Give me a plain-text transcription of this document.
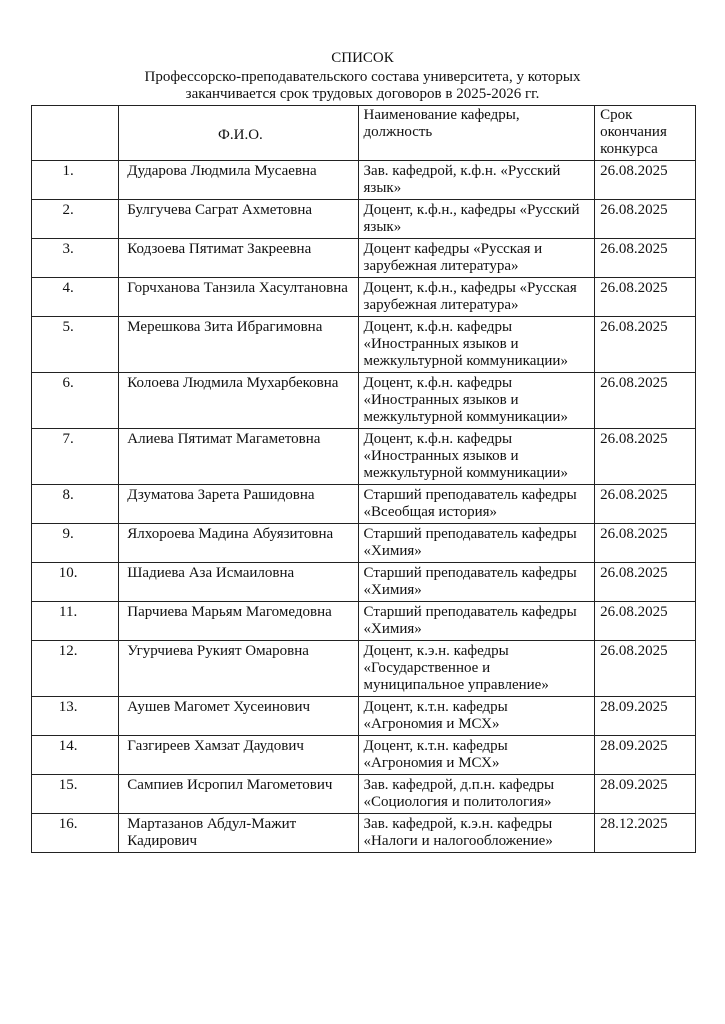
СПИСОК
Профессорско-преподавательского состава университета, у которых
заканчивается срок трудовых договоров в 2025-2026 гг.
	Ф.И.О.	Наименование кафедры, должность	Срок окончания конкурса
1.	Дударова Людмила Мусаевна	Зав. кафедрой, к.ф.н. «Русский язык»	26.08.2025
2.	Булгучева Саграт Ахметовна	Доцент, к.ф.н., кафедры «Русский язык»	26.08.2025
3.	Кодзоева Пятимат Закреевна	Доцент кафедры «Русская и зарубежная литература»	26.08.2025
4.	Горчханова Танзила Хасултановна	Доцент, к.ф.н., кафедры «Русская зарубежная литература»	26.08.2025
5.	Мерешкова Зита Ибрагимовна	Доцент, к.ф.н. кафедры «Иностранных языков и межкультурной коммуникации»	26.08.2025
6.	Колоева Людмила Мухарбековна	Доцент, к.ф.н. кафедры «Иностранных языков и межкультурной коммуникации»	26.08.2025
7.	Алиева Пятимат Магаметовна	Доцент, к.ф.н. кафедры «Иностранных языков и межкультурной коммуникации»	26.08.2025
8.	Дзуматова Зарета Рашидовна	Старший преподаватель кафедры «Всеобщая история»	26.08.2025
9.	Ялхороева Мадина Абуязитовна	Старший преподаватель кафедры «Химия»	26.08.2025
10.	Шадиева Аза Исмаиловна	Старший преподаватель кафедры «Химия»	26.08.2025
11.	Парчиева Марьям Магомедовна	Старший преподаватель кафедры «Химия»	26.08.2025
12.	Угурчиева Рукият Омаровна	Доцент, к.э.н. кафедры «Государственное и муниципальное управление»	26.08.2025
13.	Аушев Магомет Хусеинович	Доцент, к.т.н. кафедры «Агрономия и МСХ»	28.09.2025
14.	Газгиреев Хамзат Даудович	Доцент, к.т.н. кафедры «Агрономия и МСХ»	28.09.2025
15.	Сампиев Исропил Магометович	Зав. кафедрой, д.п.н. кафедры «Социология и политология»	28.09.2025
16.	Мартазанов Абдул-Мажит Кадирович	Зав. кафедрой, к.э.н. кафедры «Налоги и налогообложение»	28.12.2025
